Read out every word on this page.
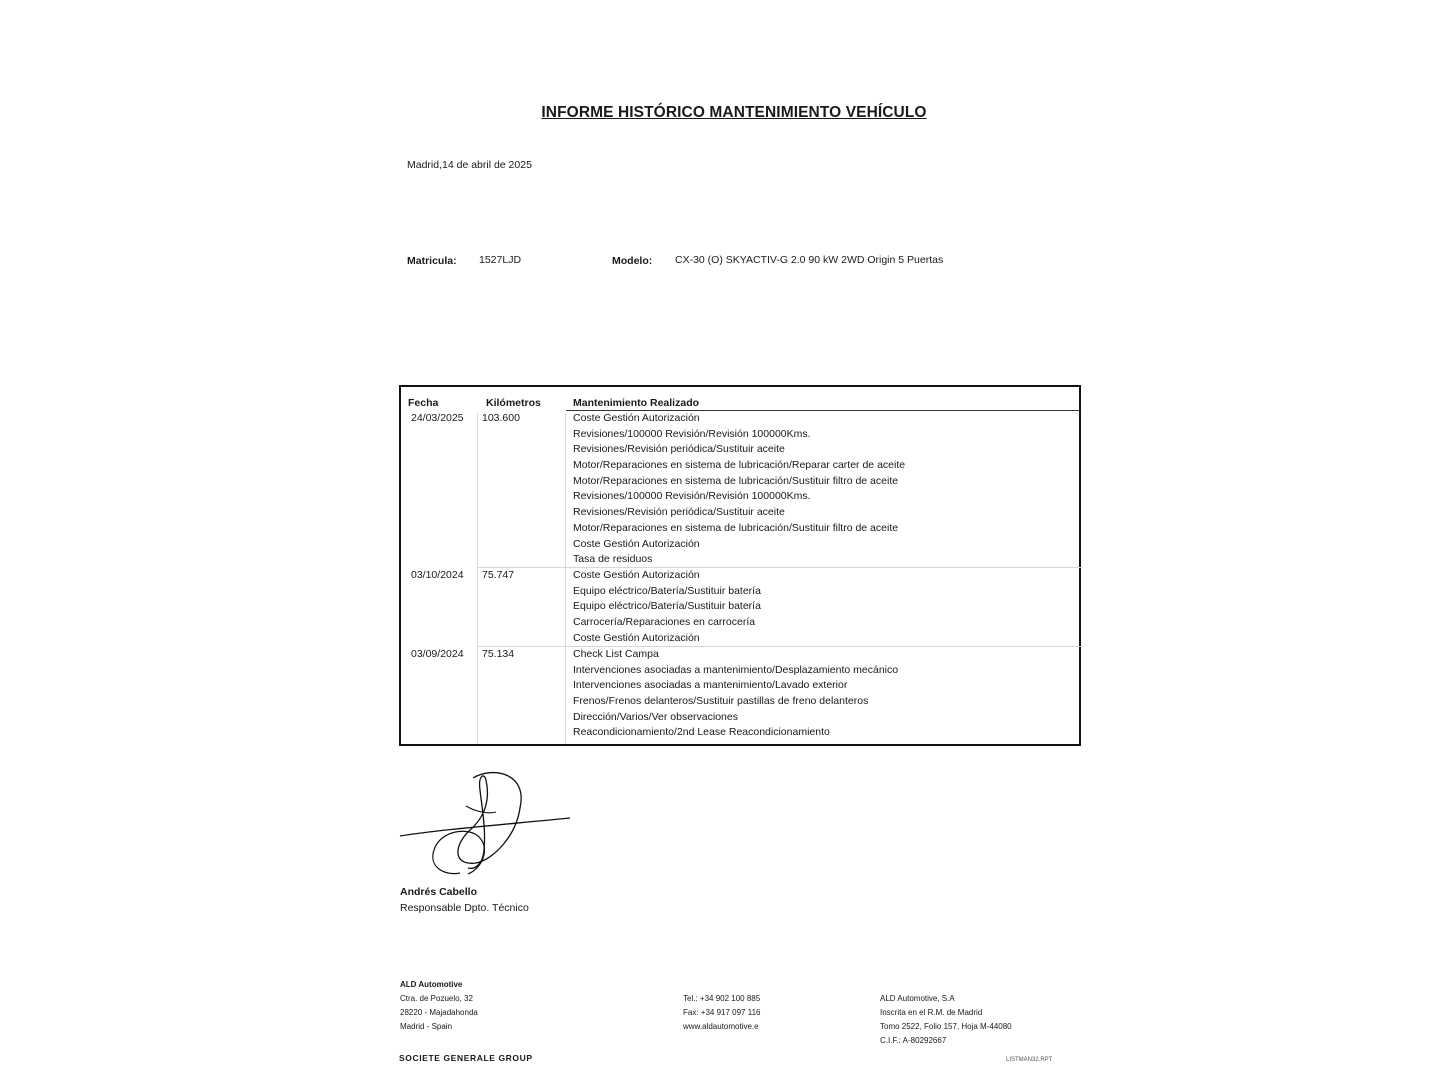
INFORME HISTÓRICO MANTENIMIENTO VEHÍCULO
Madrid,14 de abril de 2025
Matricula: 1527LJD	Modelo: CX-30 (O) SKYACTIV-G 2.0 90 kW 2WD Origin 5 Puertas
Fecha	Kilómetros	Mantenimiento Realizado
24/03/2025 103.600	Coste Gestión Autorización
Revisiones/100000 Revisión/Revisión 100000Kms.
Revisiones/Revisión periódica/Sustituir aceite
Motor/Reparaciones en sistema de lubricación/Reparar carter de aceite
Motor/Reparaciones en sistema de lubricación/Sustituir filtro de aceite
Revisiones/100000 Revisión/Revisión 100000Kms.
Revisiones/Revisión periódica/Sustituir aceite
Motor/Reparaciones en sistema de lubricación/Sustituir filtro de aceite
Coste Gestión Autorización
Tasa de residuos
03/10/2024 75.747	Coste Gestión Autorización
Equipo eléctrico/Batería/Sustituir batería
Equipo eléctrico/Batería/Sustituir batería
Carrocería/Reparaciones en carrocería
Coste Gestión Autorización
03/09/2024 75.134	Check List Campa
Intervenciones asociadas a mantenimiento/Desplazamiento mecánico
Intervenciones asociadas a mantenimiento/Lavado exterior
Frenos/Frenos delanteros/Sustituir pastillas de freno delanteros
Dirección/Varios/Ver observaciones
Reacondicionamiento/2nd Lease Reacondicionamiento
Andrés Cabello
Responsable Dpto. Técnico
ALD Automotive
Ctra. de Pozuelo, 32
28220 - Majadahonda
Madrid - Spain
Tel.: +34 902 100 885
Fax: +34 917 097 116
www.aldautomotive.e
ALD Automotive, S.A
Inscrita en el R.M. de Madrid
Tomo 2522, Folio 157, Hoja M-44080
C.I.F.: A-80292667
SOCIETE GENERALE GROUP	LISTMAN32.RPT
